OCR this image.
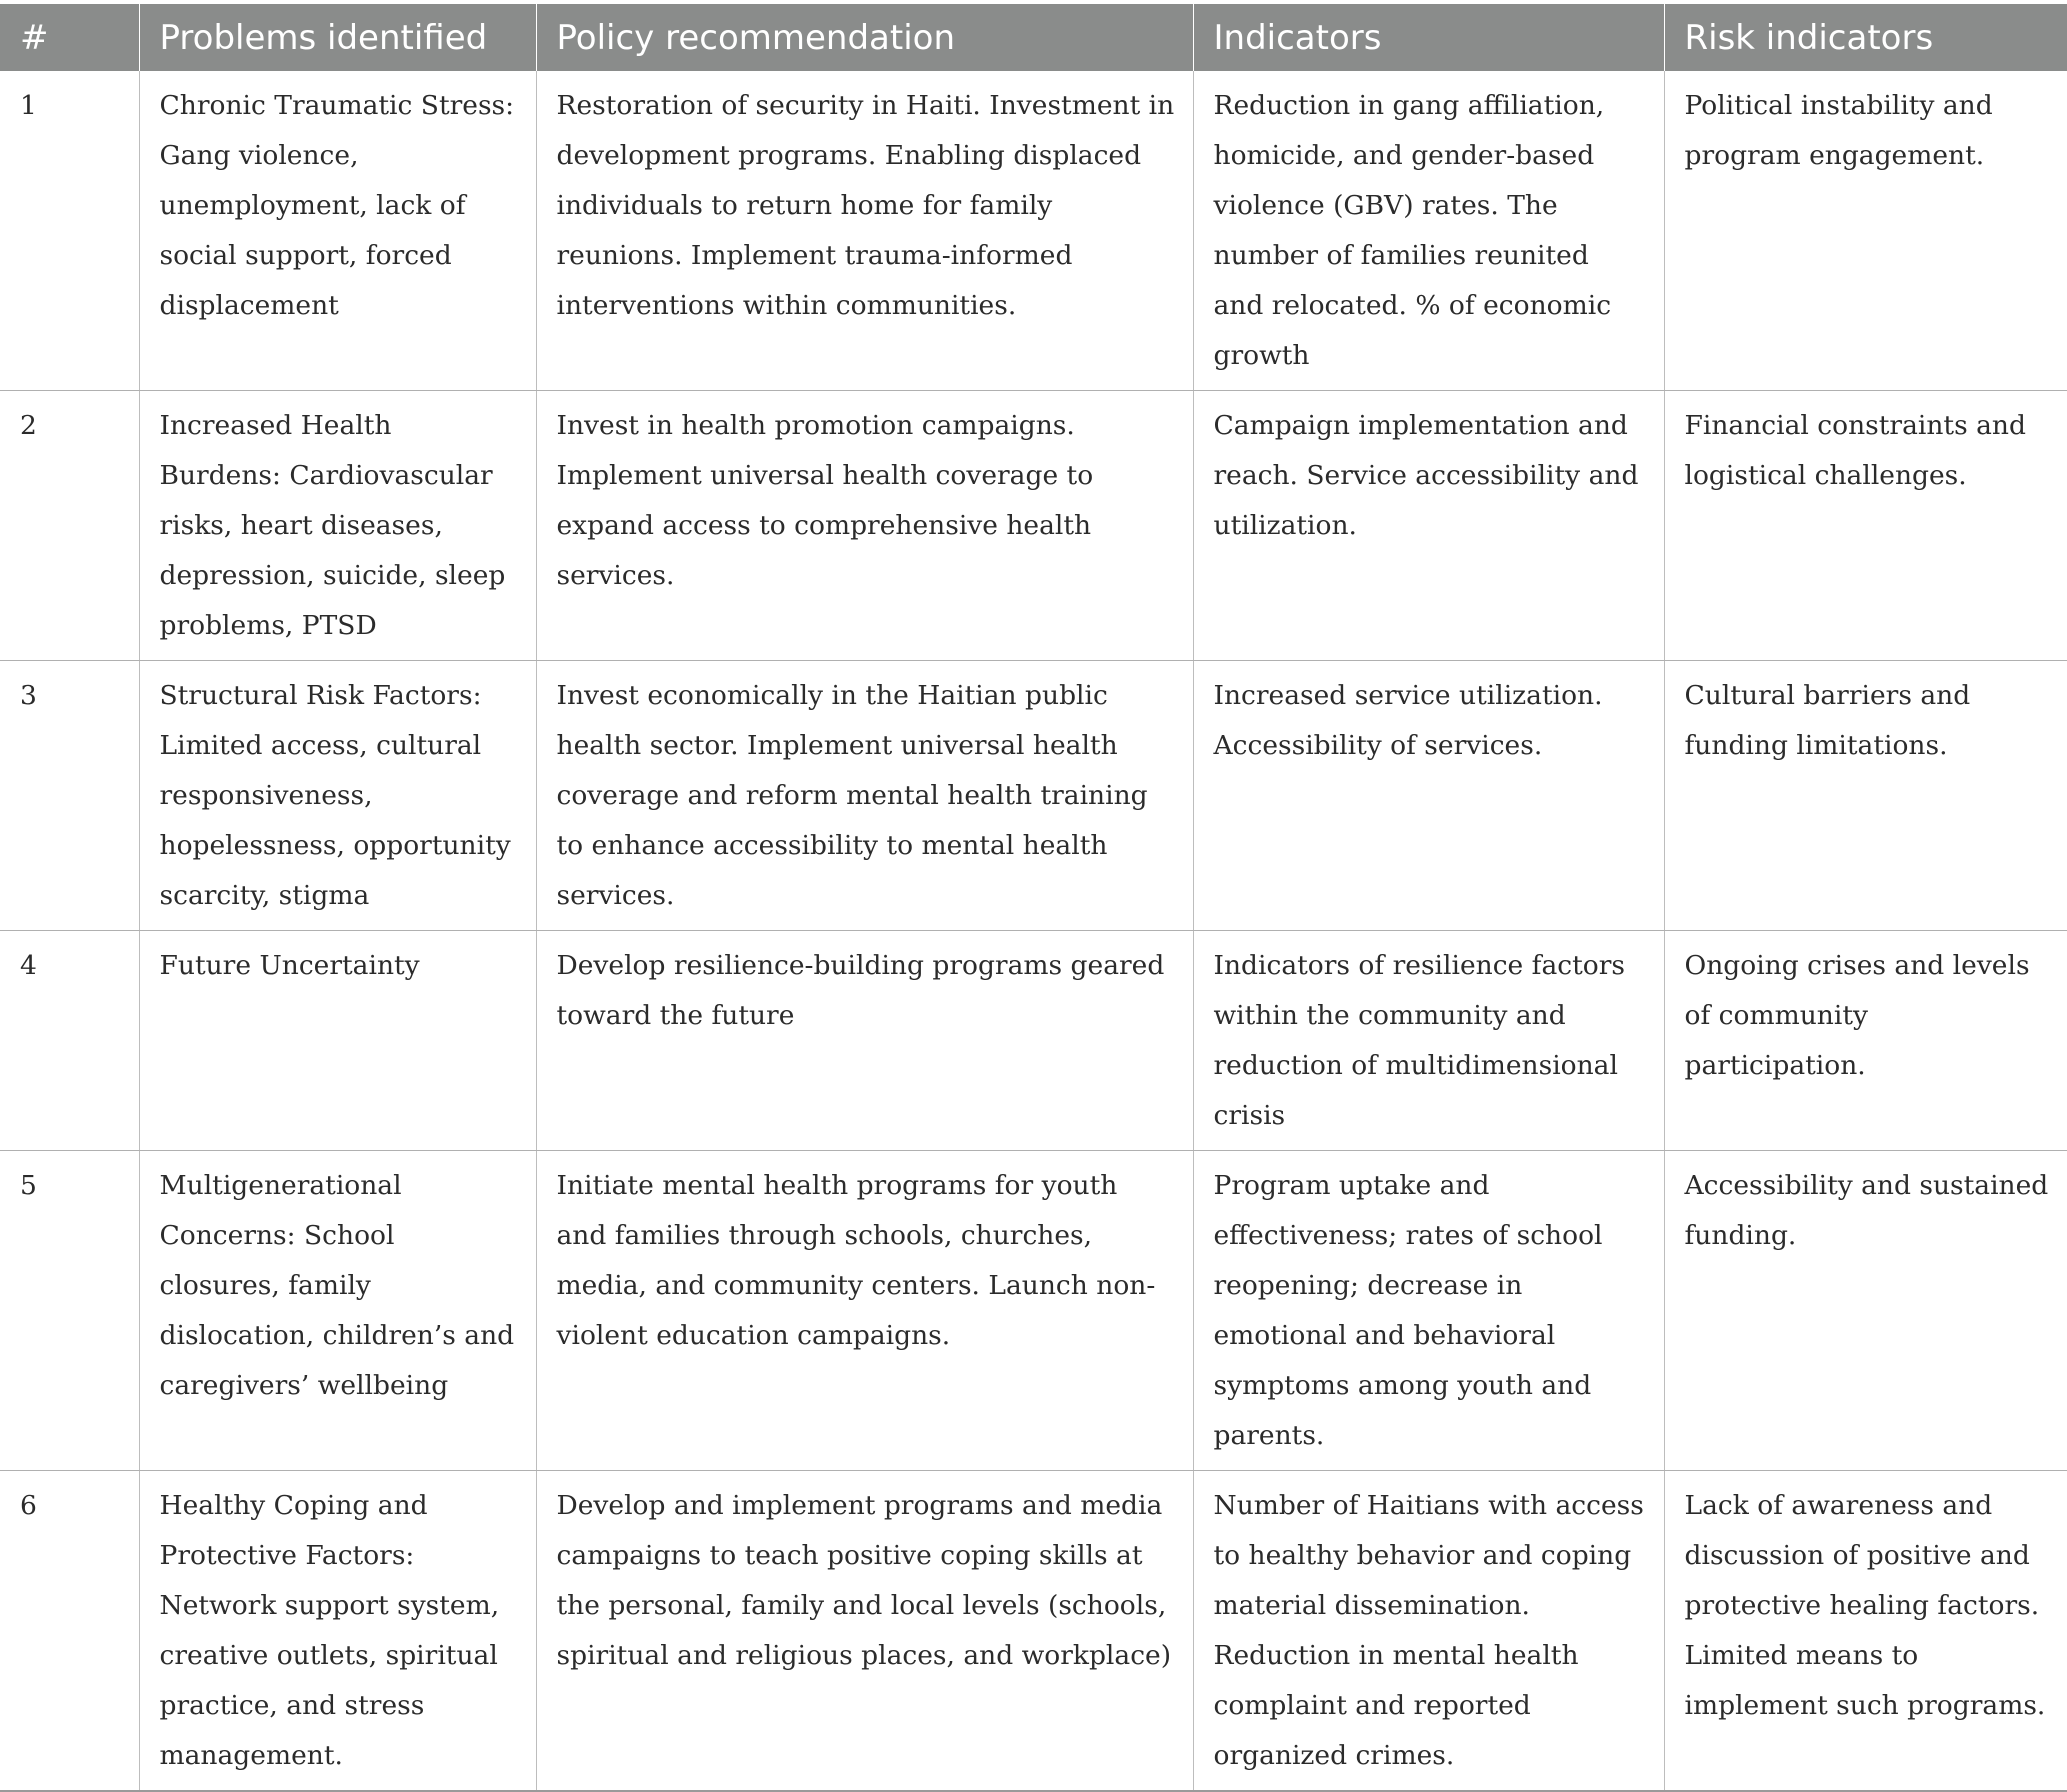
#	Problems identified	Policy recommendation	Indicators	Risk indicators
1	Chronic Traumatic Stress: Gang violence, unemployment, lack of social support, forced displacement	Restoration of security in Haiti. Investment in development programs. Enabling displaced individuals to return home for family reunions. Implement trauma-informed interventions within communities.	Reduction in gang affiliation, homicide, and gender-based violence (GBV) rates. The number of families reunited and relocated. % of economic growth	Political instability and program engagement.
2	Increased Health Burdens: Cardiovascular risks, heart diseases, depression, suicide, sleep problems, PTSD	Invest in health promotion campaigns. Implement universal health coverage to expand access to comprehensive health services.	Campaign implementation and reach. Service accessibility and utilization.	Financial constraints and logistical challenges.
3	Structural Risk Factors: Limited access, cultural responsiveness, hopelessness, opportunity scarcity, stigma	Invest economically in the Haitian public health sector. Implement universal health coverage and reform mental health training to enhance accessibility to mental health services.	Increased service utilization. Accessibility of services.	Cultural barriers and funding limitations.
4	Future Uncertainty	Develop resilience-building programs geared toward the future	Indicators of resilience factors within the community and reduction of multidimensional crisis	Ongoing crises and levels of community participation.
5	Multigenerational Concerns: School closures, family dislocation, children’s and caregivers’ wellbeing	Initiate mental health programs for youth and families through schools, churches, media, and community centers. Launch non-violent education campaigns.	Program uptake and effectiveness; rates of school reopening; decrease in emotional and behavioral symptoms among youth and parents.	Accessibility and sustained funding.
6	Healthy Coping and Protective Factors: Network support system, creative outlets, spiritual practice, and stress management.	Develop and implement programs and media campaigns to teach positive coping skills at the personal, family and local levels (schools, spiritual and religious places, and workplace)	Number of Haitians with access to healthy behavior and coping material dissemination. Reduction in mental health complaint and reported organized crimes.	Lack of awareness and discussion of positive and protective healing factors. Limited means to implement such programs.
